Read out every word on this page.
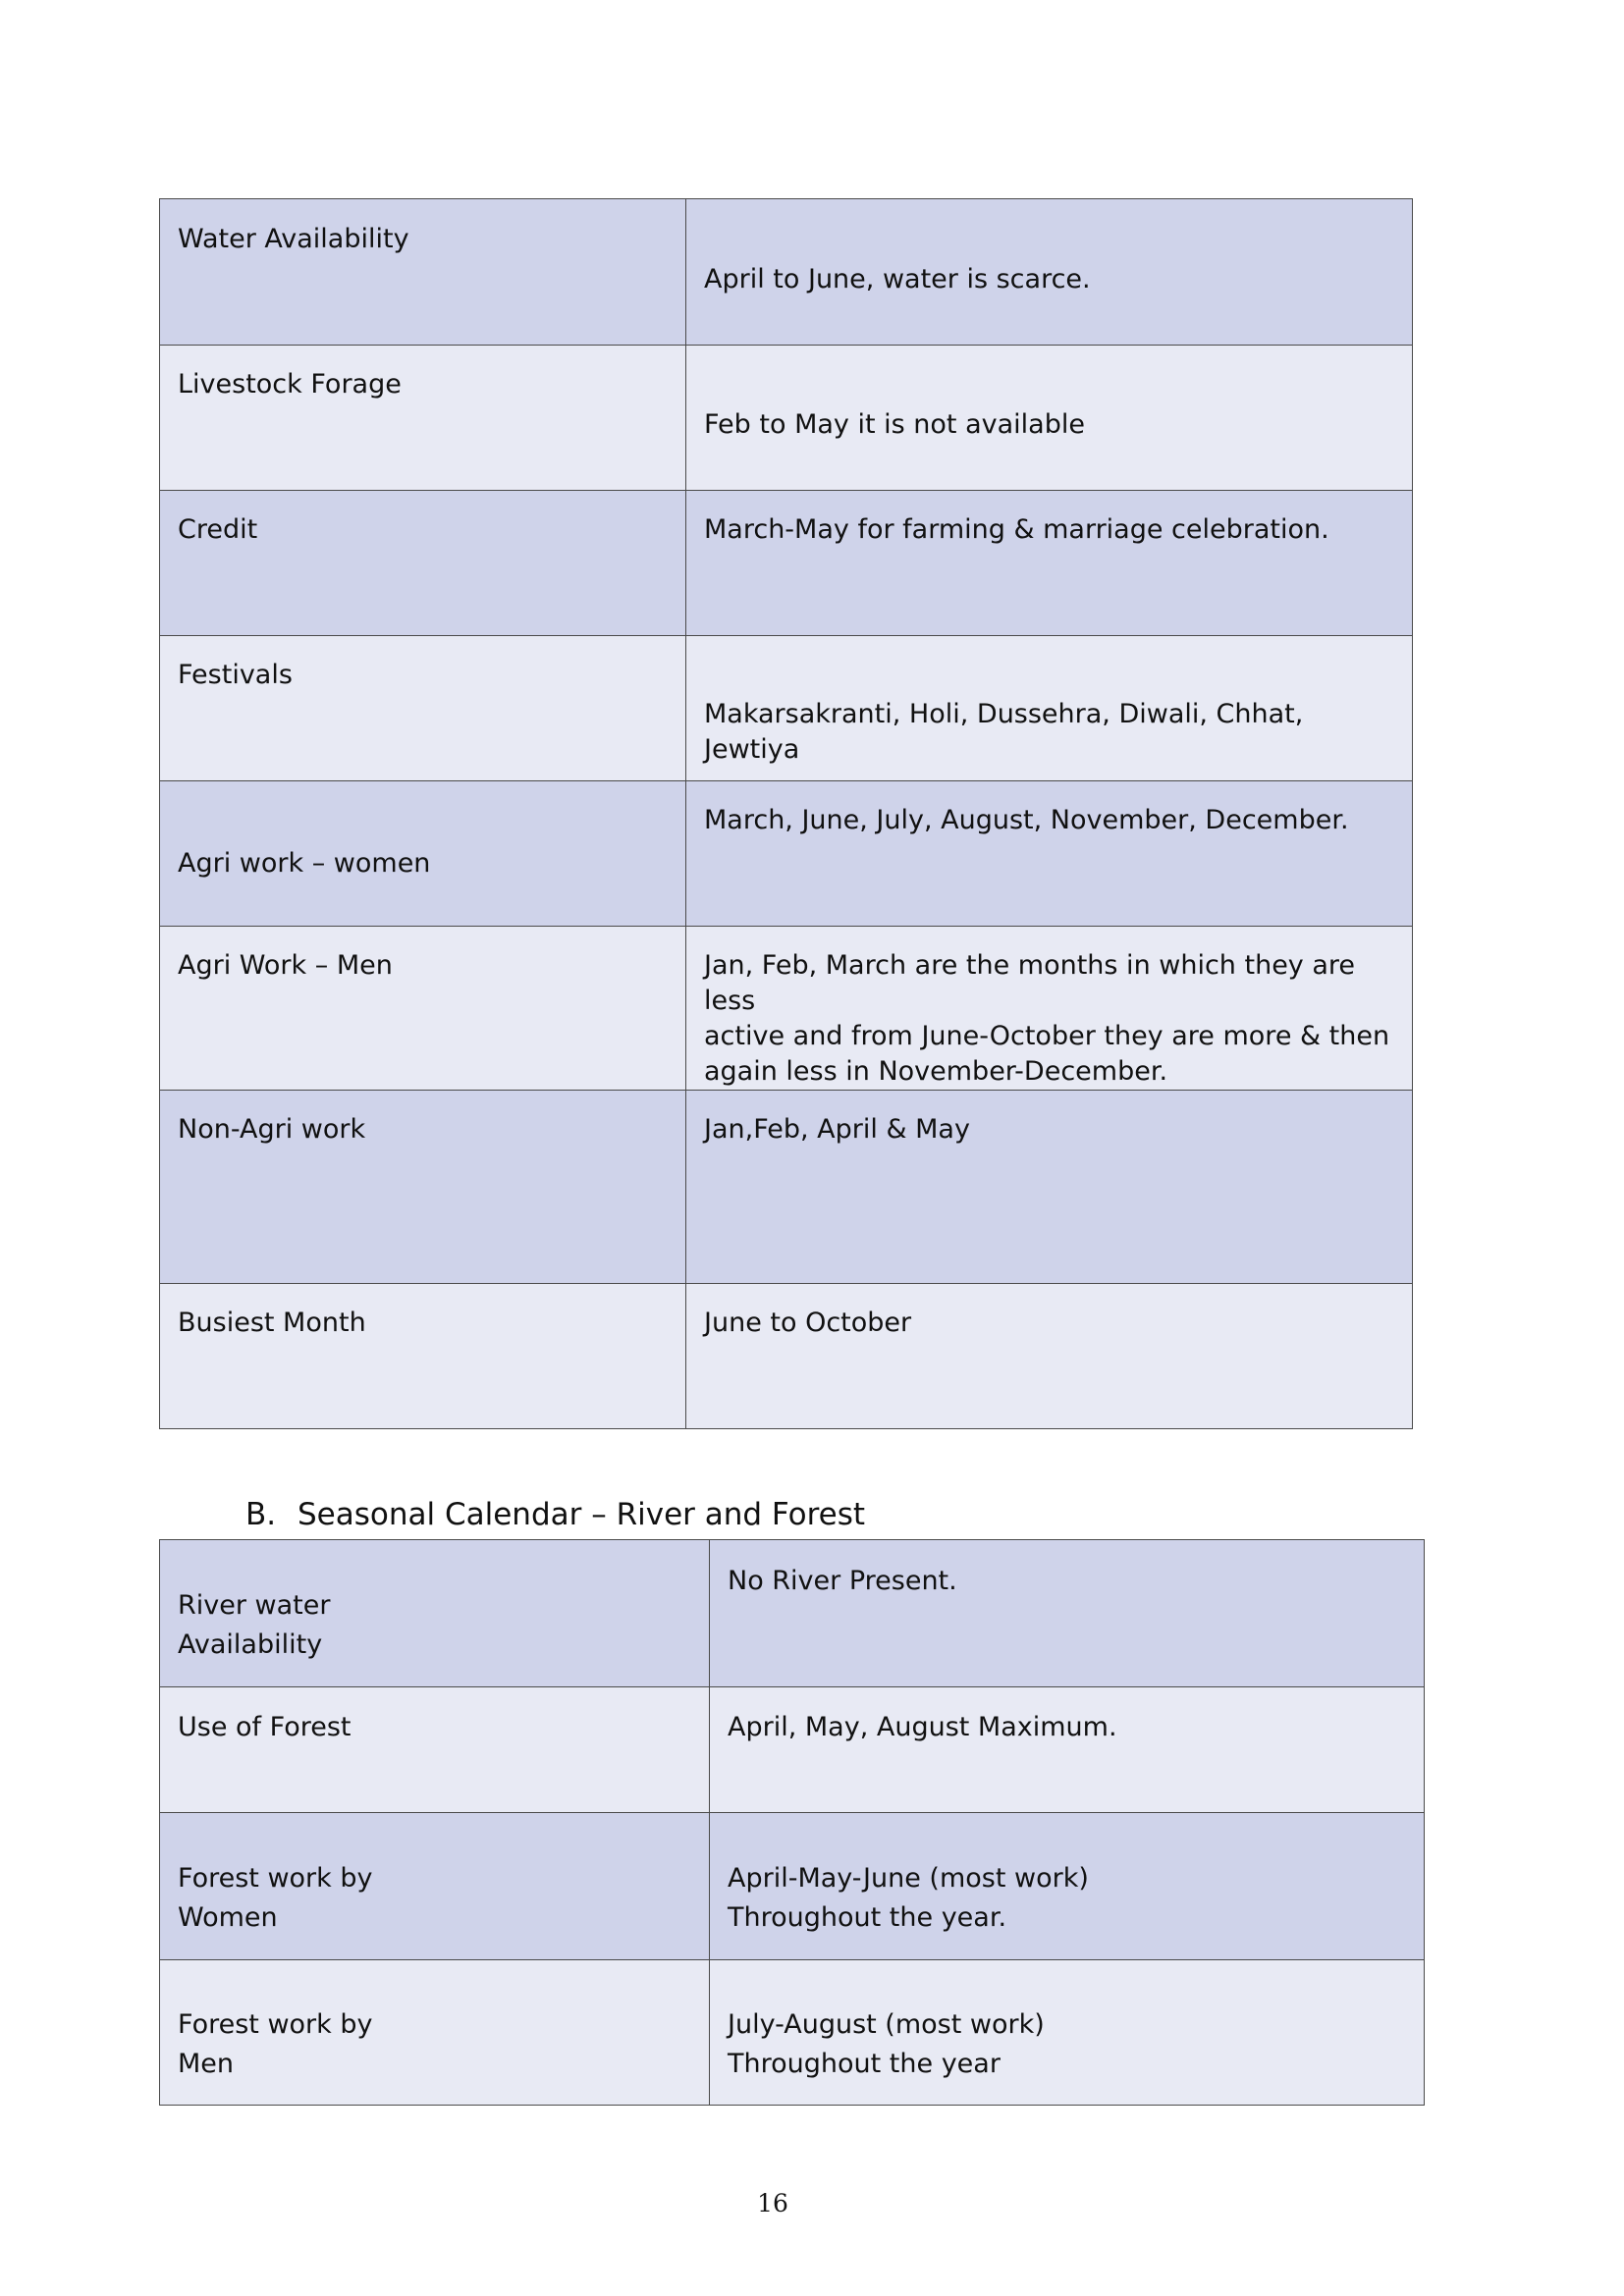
Water Availability	April to June, water is scarce.

Livestock Forage	Feb to May it is not available

Credit	March-May for farming & marriage celebration.

Festivals	Makarsakranti, Holi, Dussehra, Diwali, Chhat, Jewtiya

Agri work – women	March, June, July, August, November, December.

Agri Work – Men	Jan, Feb, March are the months in which they are less
active and from June-October they are more & then
again less in November-December.

Non-Agri work	Jan,Feb, April & May

Busiest Month	June to October
B. Seasonal Calendar – River and Forest
River water
Availability	No River Present.

Use of Forest	April, May, August Maximum.

Forest work by
Women	April-May-June (most work)
Throughout the year.

Forest work by
Men	July-August (most work)
Throughout the year
16
